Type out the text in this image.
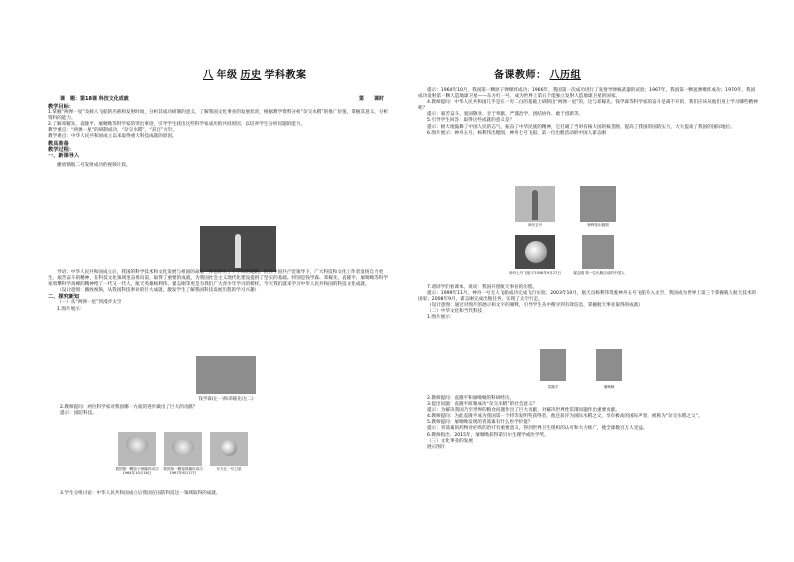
八 年级 历史 学科教案	备课教师： 八历组
课　题：第18课 科技文化成就	第　　课时

教学目标：

1.掌握“两弹一星”及载人飞船的名称和发射时间，分析其成功研制的意义，了解我国文化事业的发展状况，根据教学资料分析“杂交水稻”的推广价值，掌握其意义，分析资料的能力。

2.了解邓稼先、袁隆平、屠呦呦等科学家的突出事迹，引导学生找出这些科学家成功的共同原因，以培养学生分析问题的能力。

教学重点：“两弹一星”的研制成功，“杂交水稻”，“双百”方针。

教学难点：中华人民共和国成立以来取得重大科技成就的原因。

教具准备

教学过程：

一、新课导入

播放钢航二号发射成功的视频片段。

导语：中华人民共和国成立后，我国的科学技术和文化发展与祖国的命运一样也经历了不平坦的道路。但在中国共产党领导下，广大科技和文化工作者发扬自力更生、艰苦奋斗的精神，在科技文化领域里奋勇向前，取得了重要的成就，为我国社会主义现代化建设提供了坚实的基础。特别是钱学森、邓稼先、袁隆平、屠呦呦等科学家勇攀科学高峰的精神给了一代又一代人，航天英雄杨利伟、翟志刚等更是为我们广大青少年学习的榜样。今天我们就来学习中华人民共和国的科技文化成就。

（设计意图：播放视频，从我国科技事业的巨大成就，激发学生了解我国科技发展历程的学习兴趣）

二、探究新知

（一）从“两弹一星”到漫步太空

1.图片展示：

钱学森(左一)和邓稼先(左二)

2.教师提问：两位科学家对我国哪一方面的进步做出了巨大的贡献？

提示：国防科技。

我国第一颗原子弹爆炸成功 1964年10月16日
我国第一颗氢弹爆炸成功 1967年6月17日
东方红一号卫星

3.学生分组讨论：中华人民共和国成立后我国在国防科技这一领域取得的成就。

提示：1964年10月，我国第一颗原子弹爆炸成功；1966年，我国第一次成功进行了发射导弹核武器的试验；1967年，我国第一颗氢弹爆炸成功；1970年，我国成功发射第一颗人造地球卫星——东方红一号，成为世界上第五个能独立发射人造地球卫星的国家。

4.教师提问：中华人民共和国几乎是在一穷二白的基础上研制出“两弹一星”的，这与邓稼先、钱学森等科学家的奋斗是离不开的，我们应该从他们身上学习哪些精神呢？

提示：艰苦奋斗、爱国敬业、甘于奉献、严谨治学、团结协作、敢于创新等。

5.引导学生回答：取得这些成就的意义是？

提示：极大地鼓舞了中国人民的志气，振奋了中华民族的精神，它打破了当时有核大国的核垄断，提高了我国的国防实力，大大提高了我国的国际地位。

6.图片展示：神舟五号、杨利伟出舱图、神舟七号飞船、第一位出舱活动的中国人翟志刚

神舟五号	杨利伟出舱图
神舟七号飞船于2008年9月27日	翟志刚 第一位出舱活动的中国人

7.请同学们看课本，说说：我国开创航天事业的历程。

提示：1999年11月，神舟一号无人飞船成功完成飞行实验；2003年10月，航天员杨利伟驾驶神舟五号飞船升入太空，我国成为世界上第三个掌握载人航天技术的国家；2008年9月，翟志刚完成出舱任务，实现了太空行走。

（设计意图：通过对图片的展示和文字的阐释，引导学生从中搜寻到有效信息，掌握航天事业取得的成就）

（二）中华文化和当代科技

1.图片展示：

袁隆平	屠呦呦

2.教师提问：袁隆平和屠呦呦的科研经历。

3.提出问题：袁隆平研制成功“杂交水稻”的社会意义？

提示：为解决我国乃至世界的粮食问题作出了巨大贡献，对解决世界性饥饿问题作出重要贡献。

4.教师提问：为此袁隆平成为我国第一个特等发明奖获得者，他还获评为国际水稻之父，享有极高的国际声誉，被称为“杂交水稻之父”。

5.教师提问：屠呦呦发现的青蒿素有什么医学价值？

提示：青蒿素的药物对疟疾的治疗有重要意义，得到世界卫生组织的认可和大力推广，使全球数百万人受益。

6.教师指出：2015年，屠呦呦获得诺贝尔生理学或医学奖。

（三）文化事业的发展

展示图片
